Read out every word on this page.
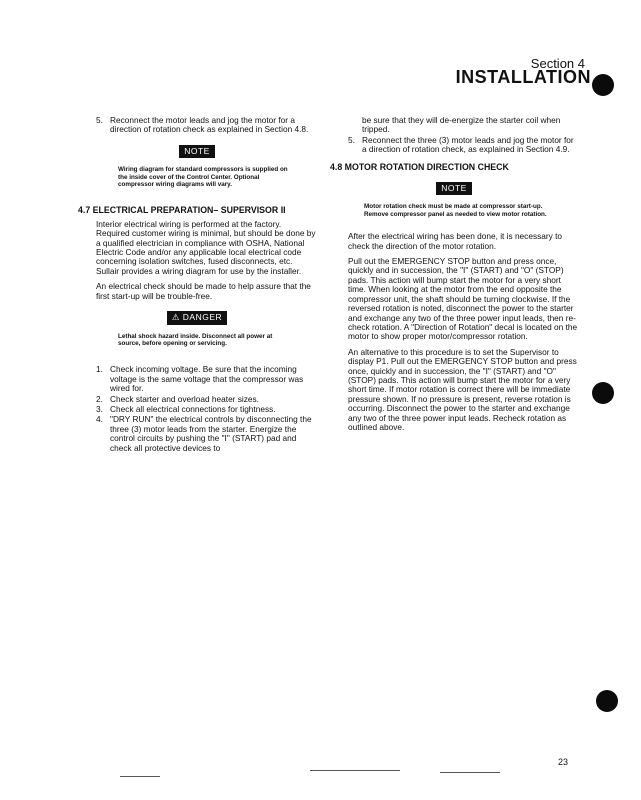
Section 4
INSTALLATION
5. Reconnect the motor leads and jog the motor for a direction of rotation check as explained in Section 4.8.
NOTE
Wiring diagram for standard compressors is supplied on the inside cover of the Control Center. Optional compressor wiring diagrams will vary.
4.7 ELECTRICAL PREPARATION– SUPERVISOR II

Interior electrical wiring is performed at the factory. Required customer wiring is minimal, but should be done by a qualified electrician in compliance with OSHA, National Electric Code and/or any applicable local electrical code concerning isolation switches, fused disconnects, etc. Sullair provides a wiring diagram for use by the installer.

An electrical check should be made to help assure that the first start-up will be trouble-free.

⚠ DANGER
Lethal shock hazard inside. Disconnect all power at source, before opening or servicing.
1. Check incoming voltage. Be sure that the incoming voltage is the same voltage that the compressor was wired for.
2. Check starter and overload heater sizes.
3. Check all electrical connections for tightness.
4. "DRY RUN" the electrical controls by disconnecting the three (3) motor leads from the starter. Energize the control circuits by pushing the "I" (START) pad and check all protective devices to
be sure that they will de-energize the starter coil when tripped.
5. Reconnect the three (3) motor leads and jog the motor for a direction of rotation check, as explained in Section 4.9.
4.8 MOTOR ROTATION DIRECTION CHECK
NOTE
Motor rotation check must be made at compressor start-up. Remove compressor panel as needed to view motor rotation.

After the electrical wiring has been done, it is necessary to check the direction of the motor rotation.

Pull out the EMERGENCY STOP button and press once, quickly and in succession, the "I" (START) and "O" (STOP) pads. This action will bump start the motor for a very short time. When looking at the motor from the end opposite the compressor unit, the shaft should be turning clockwise. If the reversed rotation is noted, disconnect the power to the starter and exchange any two of the three power input leads, then re-check rotation. A "Direction of Rotation" decal is located on the motor to show proper motor/compressor rotation.

An alternative to this procedure is to set the Supervisor to display P1. Pull out the EMERGENCY STOP button and press once, quickly and in succession, the "I" (START) and "O" (STOP) pads. This action will bump start the motor for a very short time. If motor rotation is correct there will be immediate pressure shown. If no pressure is present, reverse rotation is occurring. Disconnect the power to the starter and exchange any two of the three power input leads. Recheck rotation as outlined above.

23
